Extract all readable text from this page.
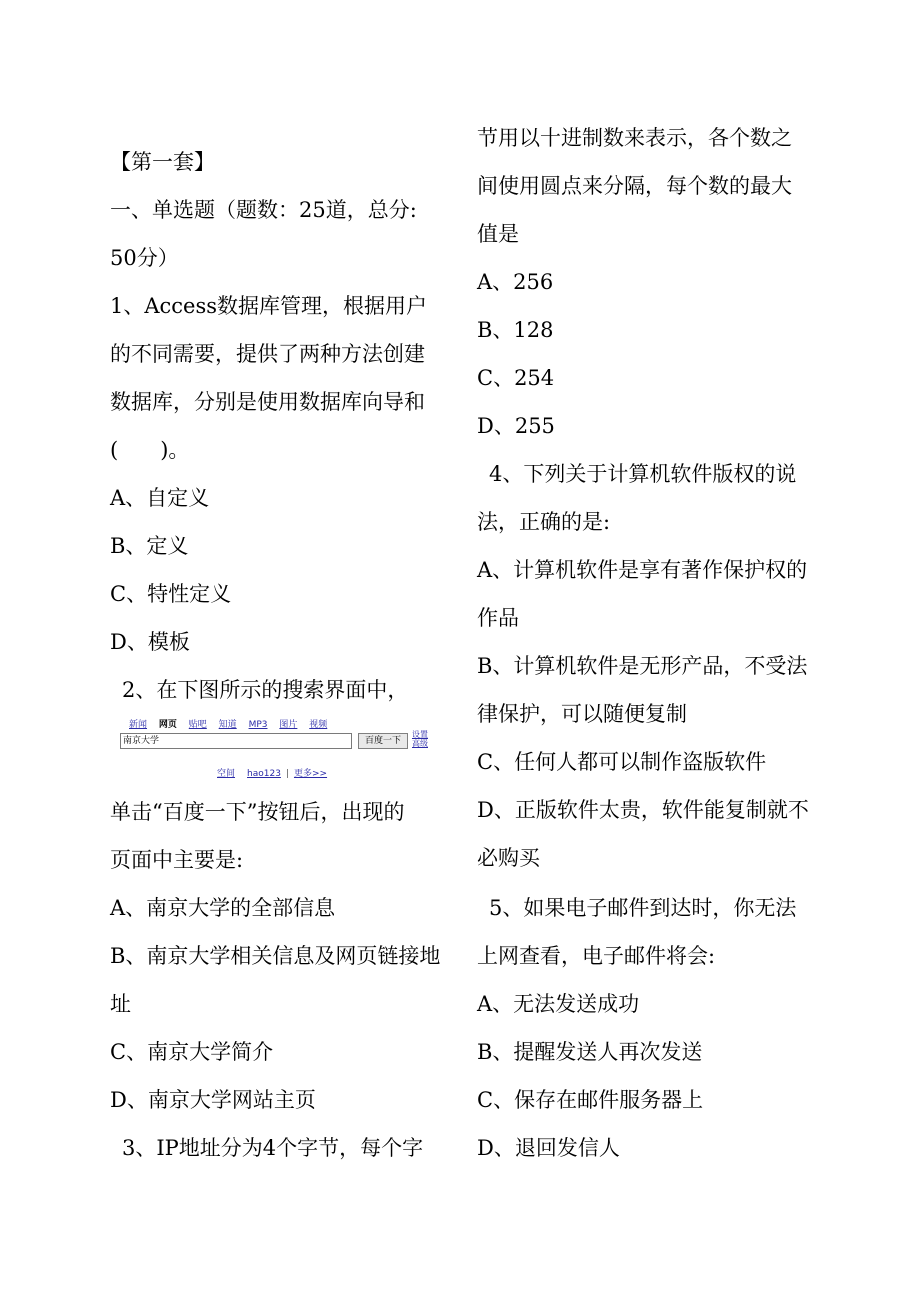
【第一套】
一、单选题（题数：25道，总分:
50分）
1、Access数据库管理，根据用户
的不同需要，提供了两种方法创建
数据库，分别是使用数据库向导和
( )。
A、自定义
B、定义
C、特性定义
D、模板
2、在下图所示的搜索界面中，
新闻 网页 贴吧 知道 MP3 图片 视频
南京大学	百度一下
设置
高级
空间 hao123 | 更多>>
单击“百度一下”按钮后，出现的
页面中主要是:
A、南京大学的全部信息
B、南京大学相关信息及网页链接地
址
C、南京大学简介
D、南京大学网站主页
3、IP地址分为4个字节，每个字
节用以十进制数来表示，各个数之
间使用圆点来分隔，每个数的最大
值是
A、256
B、128
C、254
D、255
4、下列关于计算机软件版权的说
法，正确的是:
A、计算机软件是享有著作保护权的
作品
B、计算机软件是无形产品，不受法
律保护，可以随便复制
C、任何人都可以制作盗版软件
D、正版软件太贵，软件能复制就不
必购买
5、如果电子邮件到达时，你无法
上网查看，电子邮件将会:
A、无法发送成功
B、提醒发送人再次发送
C、保存在邮件服务器上
D、退回发信人
